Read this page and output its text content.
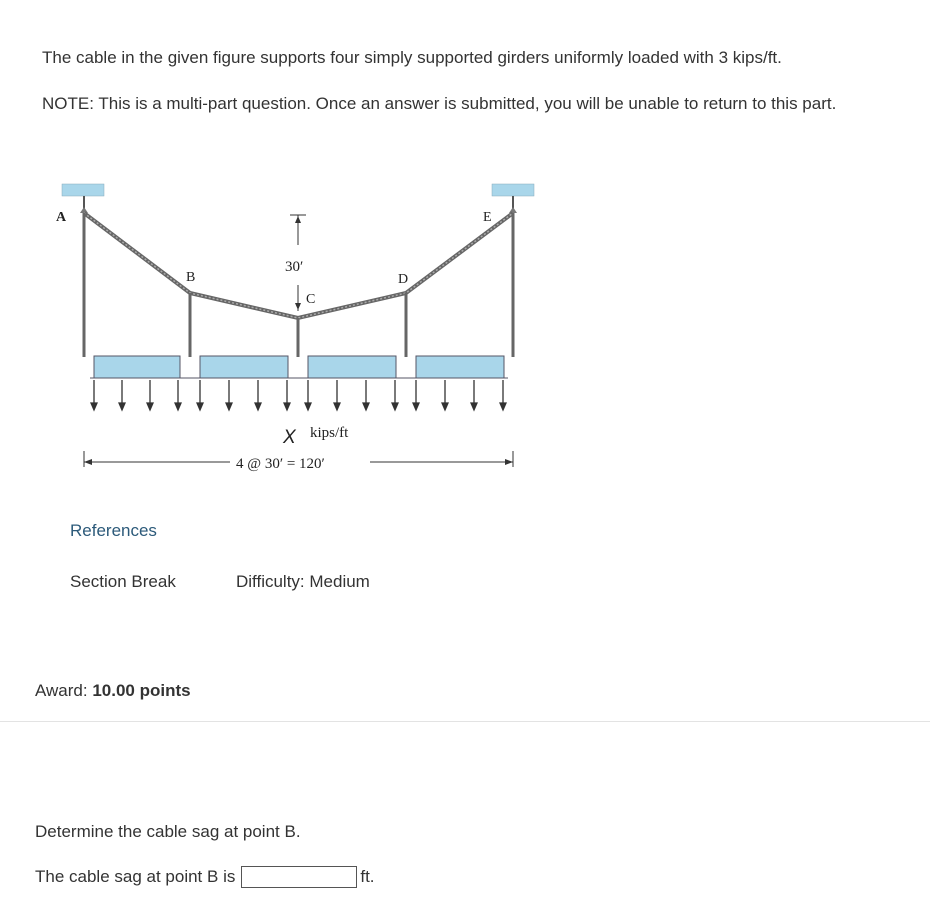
The cable in the given figure supports four simply supported girders uniformly loaded with 3 kips/ft.
NOTE: This is a multi-part question. Once an answer is submitted, you will be unable to return to this part.
A
B
C
D
E
30′
X kips/ft
4 @ 30′ = 120′
References
Section Break	Difficulty: Medium
Award: 10.00 points
Determine the cable sag at point B.
The cable sag at point B is	ft.
